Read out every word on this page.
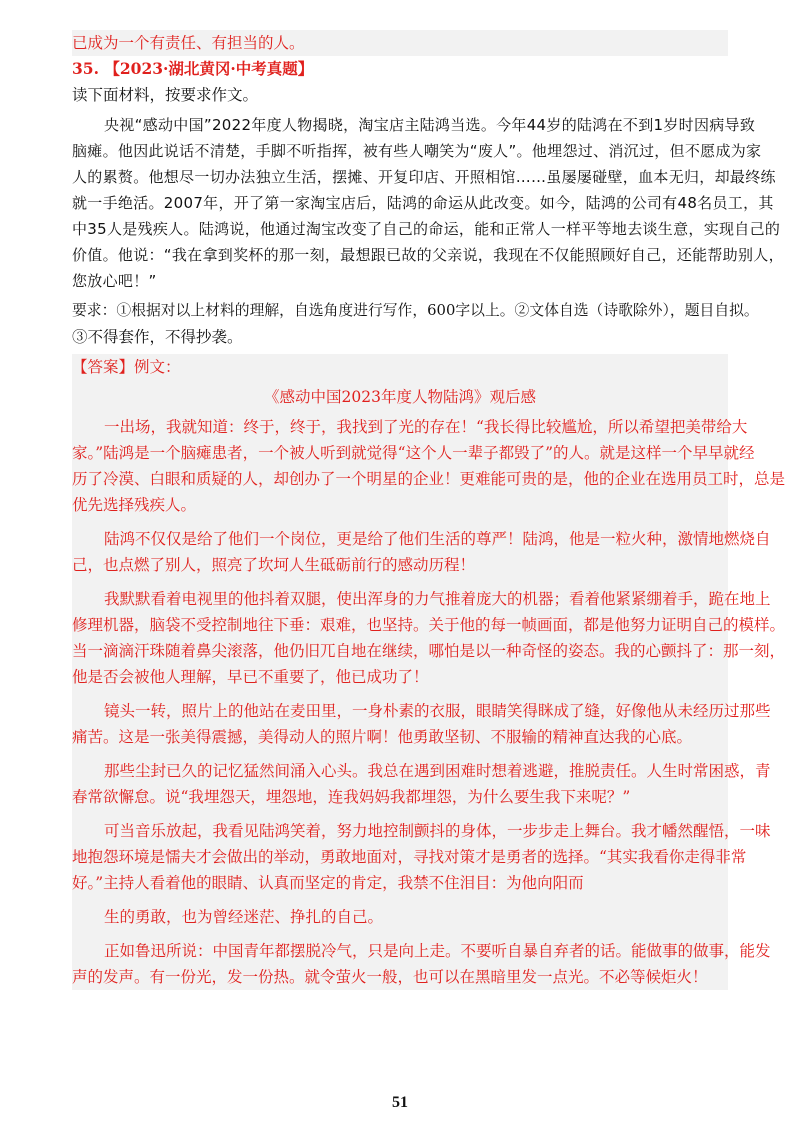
已成为一个有责任、有担当的人。
35. 【2023·湖北黄冈·中考真题】
读下面材料，按要求作文。
央视“感动中国”2022年度人物揭晓，淘宝店主陆鸿当选。今年44岁的陆鸿在不到1岁时因病导致
脑瘫。他因此说话不清楚，手脚不听指挥，被有些人嘲笑为“废人”。他埋怨过、消沉过，但不愿成为家
人的累赘。他想尽一切办法独立生活，摆摊、开复印店、开照相馆……虽屡屡碰壁，血本无归，却最终练
就一手绝活。2007年，开了第一家淘宝店后，陆鸿的命运从此改变。如今，陆鸿的公司有48名员工，其
中35人是残疾人。陆鸿说，他通过淘宝改变了自己的命运，能和正常人一样平等地去谈生意，实现自己的
价值。他说：“我在拿到奖杯的那一刻，最想跟已故的父亲说，我现在不仅能照顾好自己，还能帮助别人，
您放心吧！”
要求：①根据对以上材料的理解，自选角度进行写作，600字以上。②文体自选（诗歌除外），题目自拟。
③不得套作，不得抄袭。
【答案】例文：
《感动中国2023年度人物陆鸿》观后感
一出场，我就知道：终于，终于，我找到了光的存在！“我长得比较尴尬，所以希望把美带给大
家。”陆鸿是一个脑瘫患者，一个被人听到就觉得“这个人一辈子都毁了”的人。就是这样一个早早就经
历了冷漠、白眼和质疑的人，却创办了一个明星的企业！更难能可贵的是，他的企业在选用员工时，总是
优先选择残疾人。
陆鸿不仅仅是给了他们一个岗位，更是给了他们生活的尊严！陆鸿，他是一粒火种，激情地燃烧自
己，也点燃了别人，照亮了坎坷人生砥砺前行的感动历程！
我默默看着电视里的他抖着双腿，使出浑身的力气推着庞大的机器；看着他紧紧绷着手，跪在地上
修理机器，脑袋不受控制地往下垂：艰难，也坚持。关于他的每一帧画面，都是他努力证明自己的模样。
当一滴滴汗珠随着鼻尖滚落，他仍旧兀自地在继续，哪怕是以一种奇怪的姿态。我的心颤抖了：那一刻，
他是否会被他人理解，早已不重要了，他已成功了！
镜头一转，照片上的他站在麦田里，一身朴素的衣服，眼睛笑得眯成了缝，好像他从未经历过那些
痛苦。这是一张美得震撼，美得动人的照片啊！他勇敢坚韧、不服输的精神直达我的心底。
那些尘封已久的记忆猛然间涌入心头。我总在遇到困难时想着逃避，推脱责任。人生时常困惑，青
春常欲懈怠。说“我埋怨天，埋怨地，连我妈妈我都埋怨，为什么要生我下来呢？”
可当音乐放起，我看见陆鸿笑着，努力地控制颤抖的身体，一步步走上舞台。我才幡然醒悟，一味
地抱怨环境是懦夫才会做出的举动，勇敢地面对，寻找对策才是勇者的选择。“其实我看你走得非常
好。”主持人看着他的眼睛、认真而坚定的肯定，我禁不住泪目：为他向阳而
生的勇敢，也为曾经迷茫、挣扎的自己。
正如鲁迅所说：中国青年都摆脱冷气，只是向上走。不要听自暴自弃者的话。能做事的做事，能发
声的发声。有一份光，发一份热。就令萤火一般，也可以在黑暗里发一点光。不必等候炬火！
51
